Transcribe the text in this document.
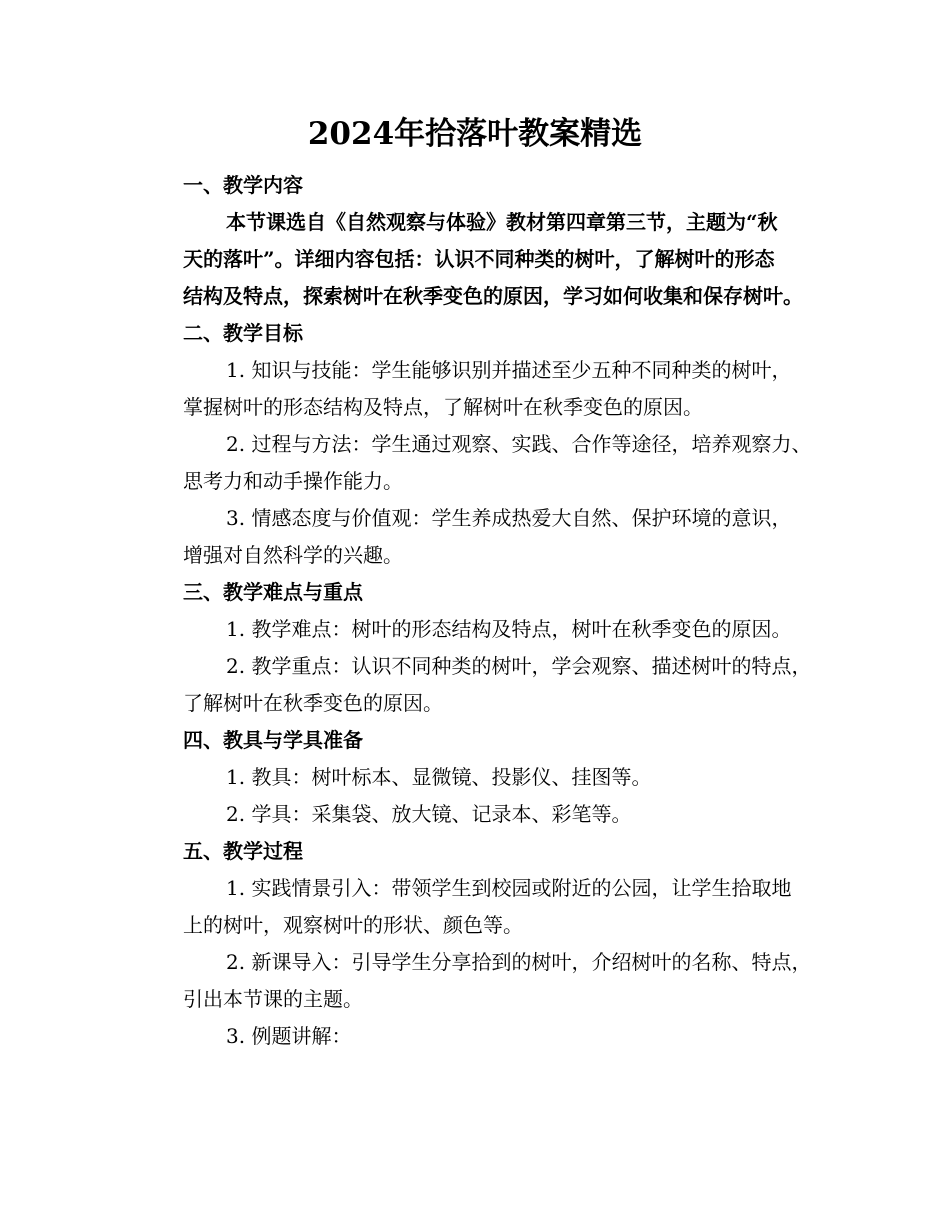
2024年拾落叶教案精选
一、教学内容
本节课选自《自然观察与体验》教材第四章第三节，主题为“秋
天的落叶”。详细内容包括：认识不同种类的树叶，了解树叶的形态
结构及特点，探索树叶在秋季变色的原因，学习如何收集和保存树叶。
二、教学目标
1. 知识与技能：学生能够识别并描述至少五种不同种类的树叶，
掌握树叶的形态结构及特点，了解树叶在秋季变色的原因。
2. 过程与方法：学生通过观察、实践、合作等途径，培养观察力、
思考力和动手操作能力。
3. 情感态度与价值观：学生养成热爱大自然、保护环境的意识，
增强对自然科学的兴趣。
三、教学难点与重点
1. 教学难点：树叶的形态结构及特点，树叶在秋季变色的原因。
2. 教学重点：认识不同种类的树叶，学会观察、描述树叶的特点，
了解树叶在秋季变色的原因。
四、教具与学具准备
1. 教具：树叶标本、显微镜、投影仪、挂图等。
2. 学具：采集袋、放大镜、记录本、彩笔等。
五、教学过程
1. 实践情景引入：带领学生到校园或附近的公园，让学生拾取地
上的树叶，观察树叶的形状、颜色等。
2. 新课导入：引导学生分享拾到的树叶，介绍树叶的名称、特点，
引出本节课的主题。
3. 例题讲解：
